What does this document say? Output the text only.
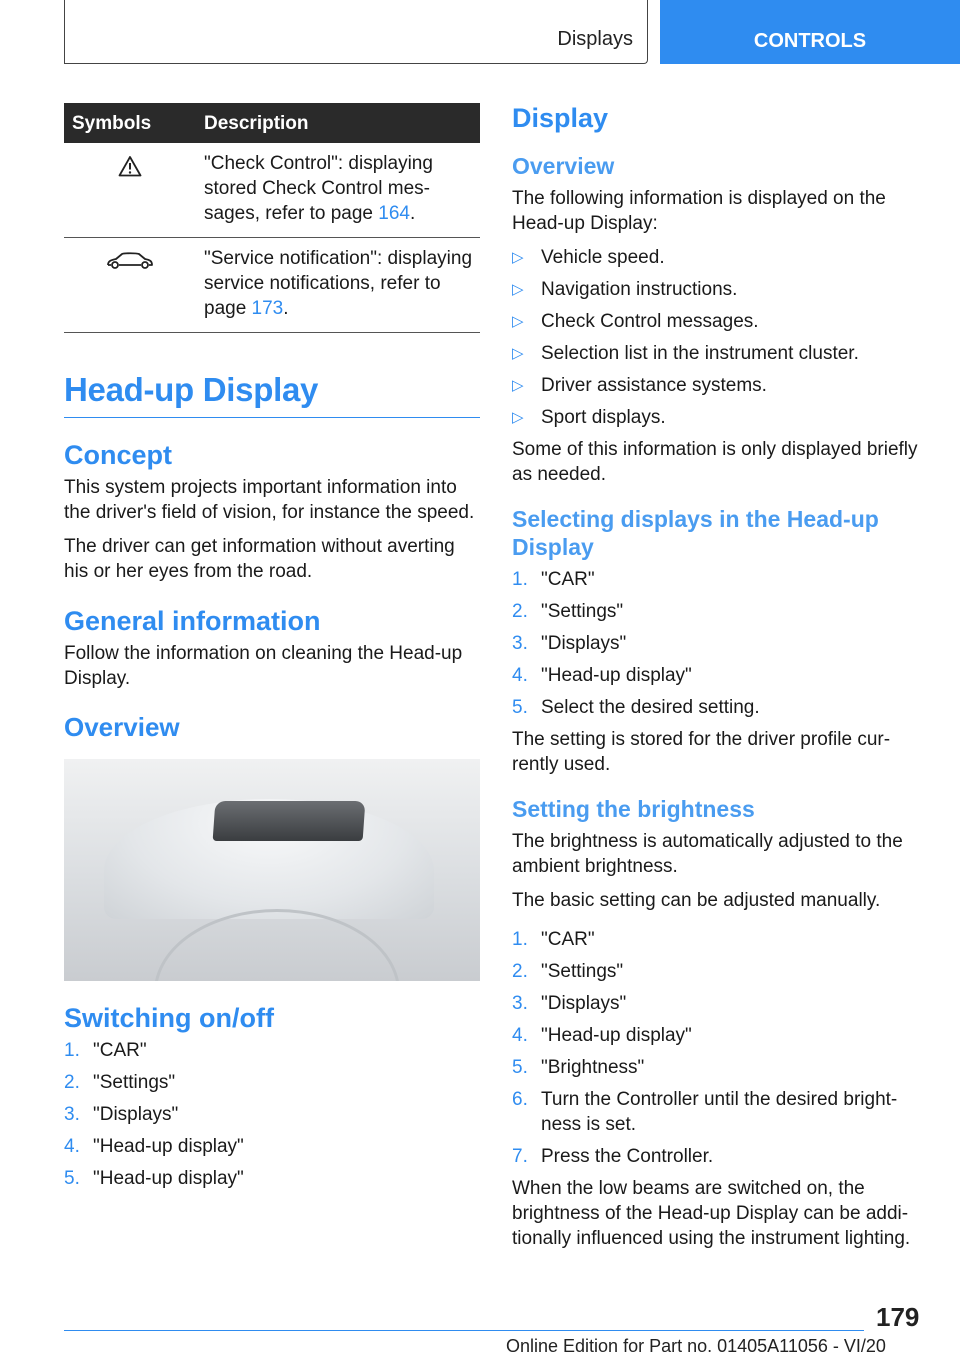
Displays	CONTROLS
Symbols	Description
	"Check Control": displaying stored Check Control mes-sages, refer to page 164.
	"Service notification": displaying service notifications, refer to page 173.
Head-up Display
Concept

This system projects important information into the driver's field of vision, for instance the speed.

The driver can get information without averting his or her eyes from the road.

General information

Follow the information on cleaning the Head-up Display.

Overview
Switching on/off
1. "CAR"
2. "Settings"
3. "Displays"
4. "Head-up display"
5. "Head-up display"
Display
Overview

The following information is displayed on the Head-up Display:

▷ Vehicle speed.
▷ Navigation instructions.
▷ Check Control messages.
▷ Selection list in the instrument cluster.
▷ Driver assistance systems.
▷ Sport displays.

Some of this information is only displayed briefly as needed.

Selecting displays in the Head-up Display
1. "CAR"
2. "Settings"
3. "Displays"
4. "Head-up display"
5. Select the desired setting.

The setting is stored for the driver profile cur-rently used.

Setting the brightness

The brightness is automatically adjusted to the ambient brightness.

The basic setting can be adjusted manually.

1. "CAR"
2. "Settings"
3. "Displays"
4. "Head-up display"
5. "Brightness"
6. Turn the Controller until the desired bright-ness is set.
7. Press the Controller.

When the low beams are switched on, the brightness of the Head-up Display can be addi-tionally influenced using the instrument lighting.

179
Online Edition for Part no. 01405A11056 - VI/20
